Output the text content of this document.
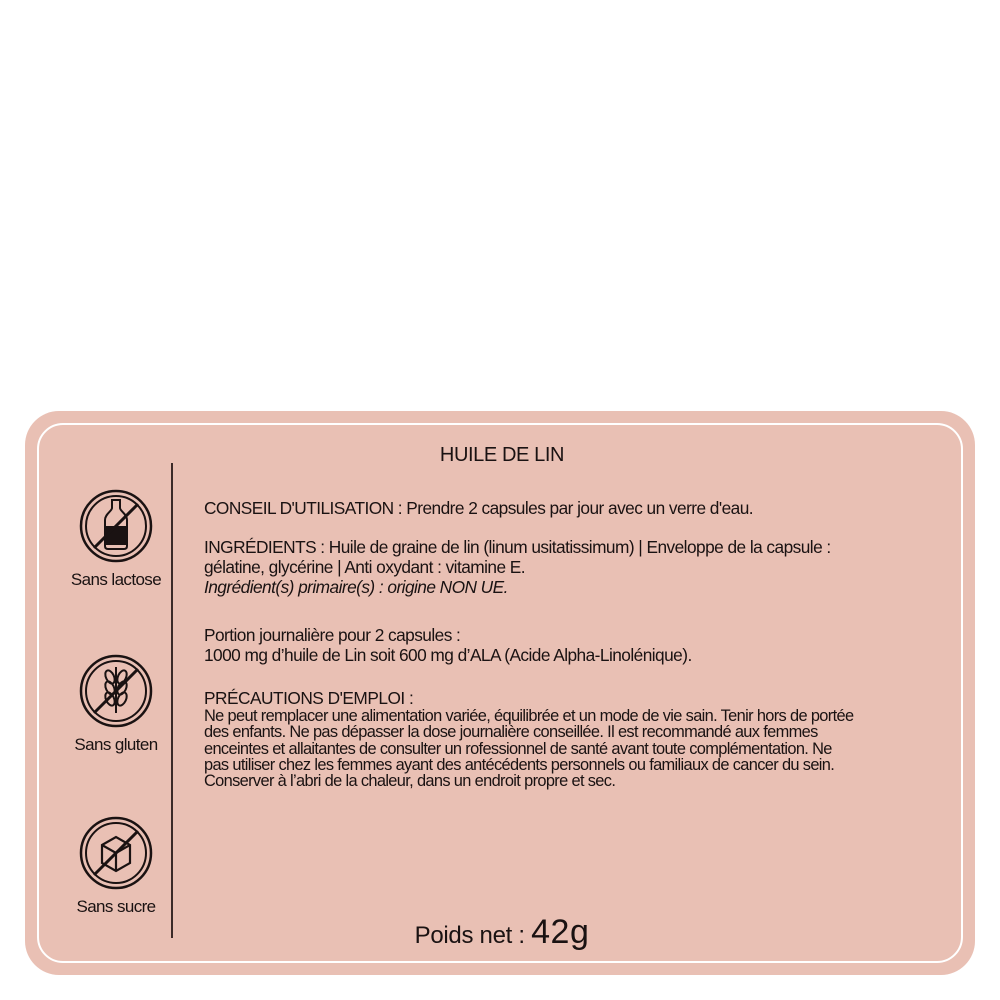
Sans lactose
Sans gluten
Sans sucre
HUILE DE LIN
CONSEIL D'UTILISATION : Prendre 2 capsules par jour avec un verre d'eau.
INGRÉDIENTS : Huile de graine de lin (linum usitatissimum) | Enveloppe de la capsule :
gélatine, glycérine | Anti oxydant : vitamine E.
Ingrédient(s) primaire(s) : origine NON UE.
Portion journalière pour 2 capsules :
1000 mg d’huile de Lin soit 600 mg d’ALA (Acide Alpha-Linolénique).
PRÉCAUTIONS D'EMPLOI :
Ne peut remplacer une alimentation variée, équilibrée et un mode de vie sain. Tenir hors de portée
des enfants. Ne pas dépasser la dose journalière conseillée. Il est recommandé aux femmes
enceintes et allaitantes de consulter un rofessionnel de santé avant toute complémentation. Ne
pas utiliser chez les femmes ayant des antécédents personnels ou familiaux de cancer du sein.
Conserver à l’abri de la chaleur, dans un endroit propre et sec.
Poids net : 42g
